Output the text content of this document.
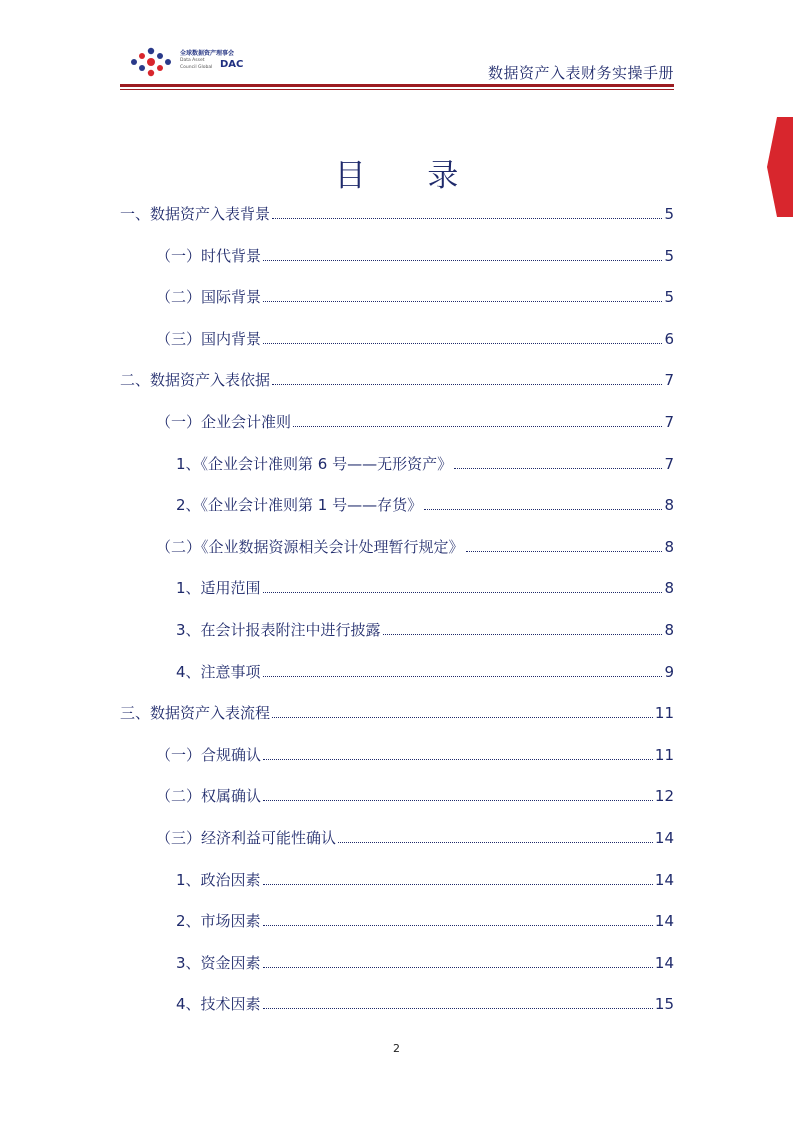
全球数据资产理事会
Data Asset
Council Global DAC	数据资产入表财务实操手册
目 录
一、数据资产入表背景	5
（一）时代背景	5
（二）国际背景	5
（三）国内背景	6
二、数据资产入表依据	7
（一）企业会计准则	7
1、《企业会计准则第 6 号——无形资产》	7
2、《企业会计准则第 1 号——存货》	8
（二）《企业数据资源相关会计处理暂行规定》	8
1、适用范围	8
3、在会计报表附注中进行披露	8
4、注意事项	9
三、数据资产入表流程	11
（一）合规确认	11
（二）权属确认	12
（三）经济利益可能性确认	14
1、政治因素	14
2、市场因素	14
3、资金因素	14
4、技术因素	15
2
